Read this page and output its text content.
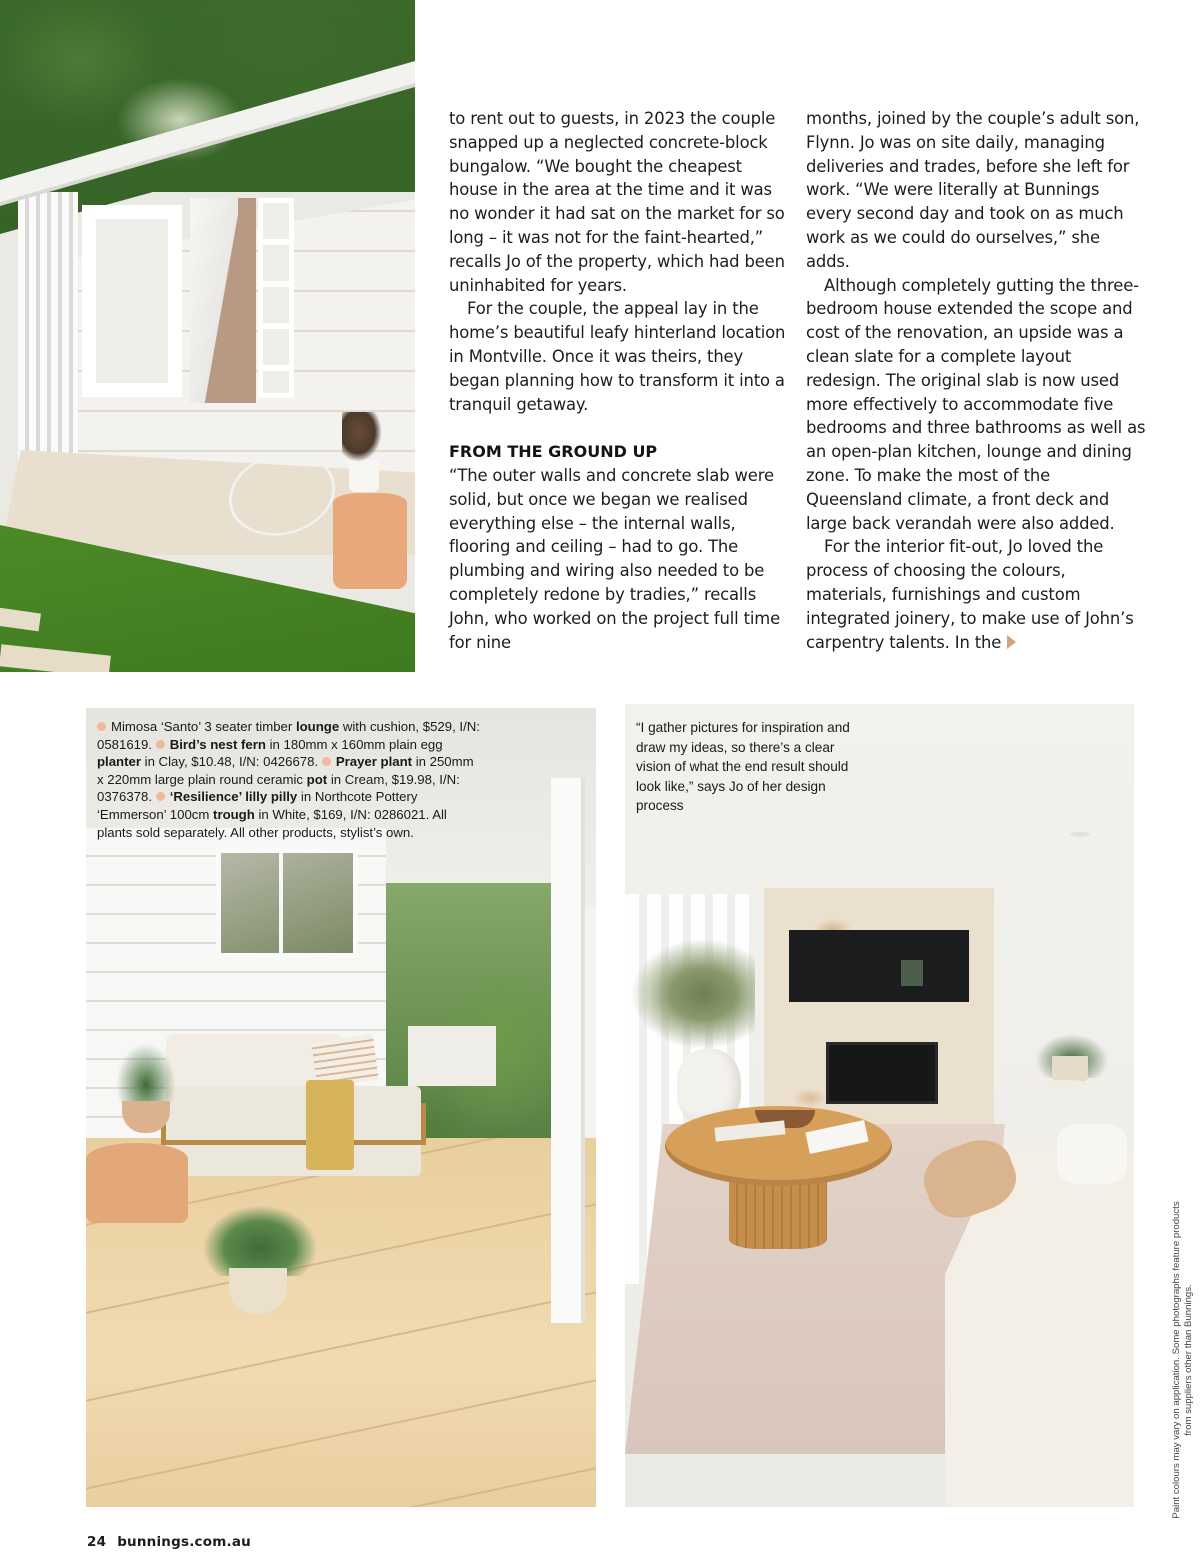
to rent out to guests, in 2023 the couple snapped up a neglected concrete-block bungalow. “We bought the cheapest house in the area at the time and it was no wonder it had sat on the market for so long – it was not for the faint-hearted,” recalls Jo of the property, which had been uninhabited for years.

For the couple, the appeal lay in the home’s beautiful leafy hinterland location in Montville. Once it was theirs, they began planning how to transform it into a tranquil getaway.

FROM THE GROUND UP

“The outer walls and concrete slab were solid, but once we began we realised everything else – the internal walls, flooring and ceiling – had to go. The plumbing and wiring also needed to be completely redone by tradies,” recalls John, who worked on the project full time for nine

months, joined by the couple’s adult son, Flynn. Jo was on site daily, managing deliveries and trades, before she left for work. “We were literally at Bunnings every second day and took on as much work as we could do ourselves,” she adds.

Although completely gutting the three-bedroom house extended the scope and cost of the renovation, an upside was a clean slate for a complete layout redesign. The original slab is now used more effectively to accommodate five bedrooms and three bathrooms as well as an open-plan kitchen, lounge and dining zone. To make the most of the Queensland climate, a front deck and large back verandah were also added.

For the interior fit-out, Jo loved the process of choosing the colours, materials, furnishings and custom integrated joinery, to make use of John’s carpentry talents. In the

Mimosa ‘Santo’ 3 seater timber lounge with cushion, $529, I/N: 0581619. Bird’s nest fern in 180mm x 160mm plain egg planter in Clay, $10.48, I/N: 0426678. Prayer plant in 250mm x 220mm large plain round ceramic pot in Cream, $19.98, I/N: 0376378. ‘Resilience’ lilly pilly in Northcote Pottery ‘Emmerson’ 100cm trough in White, $169, I/N: 0286021. All plants sold separately. All other products, stylist’s own.
“I gather pictures for inspiration and draw my ideas, so there’s a clear vision of what the end result should look like,” says Jo of her design process
24 bunnings.com.au
Paint colours may vary on application. Some photographs feature products from suppliers other than Bunnings.
